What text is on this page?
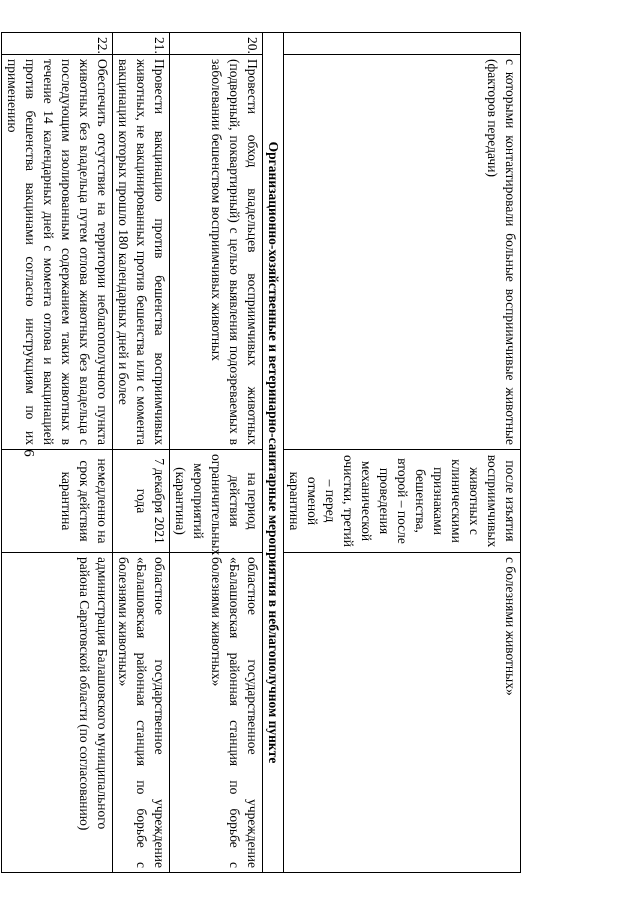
6
	с которыми контактировали больные восприимчивые животные (факторов передачи)	после изъятия восприимчивых животных с клиническими признаками бешенства, второй – после проведения механической очистки, третий – перед отменой карантина	с болезнями животных»
Организационно-хозяйственные и ветеринарно-санитарные мероприятия в неблагополучном пункте			
20.	Провести обход владельцев восприимчивых животных (подворный, поквартирный) с целью выявления подозреваемых в заболевании бешенством восприимчивых животных	на период действия ограничительных мероприятий (карантина)	областное государственное учреждение «Балашовская районная станция по борьбе с болезнями животных»
21.	Провести вакцинацию против бешенства восприимчивых животных, не вакцинированных против бешенства или с момента вакцинации которых прошло 180 календарных дней и более	7 декабря 2021 года	областное государственное учреждение «Балашовская районная станция по борьбе с болезнями животных»
22.	Обеспечить отсутствие на территории неблагополучного пункта животных без владельца путем отлова животных без владельца с последующим изолированным содержанием таких животных в течение 14 календарных дней с момента отлова и вакцинацией против бешенства вакцинами согласно инструкциям по их применению	немедленно на срок действия карантина	администрация Балашовского муниципального района Саратовской области (по согласованию)
